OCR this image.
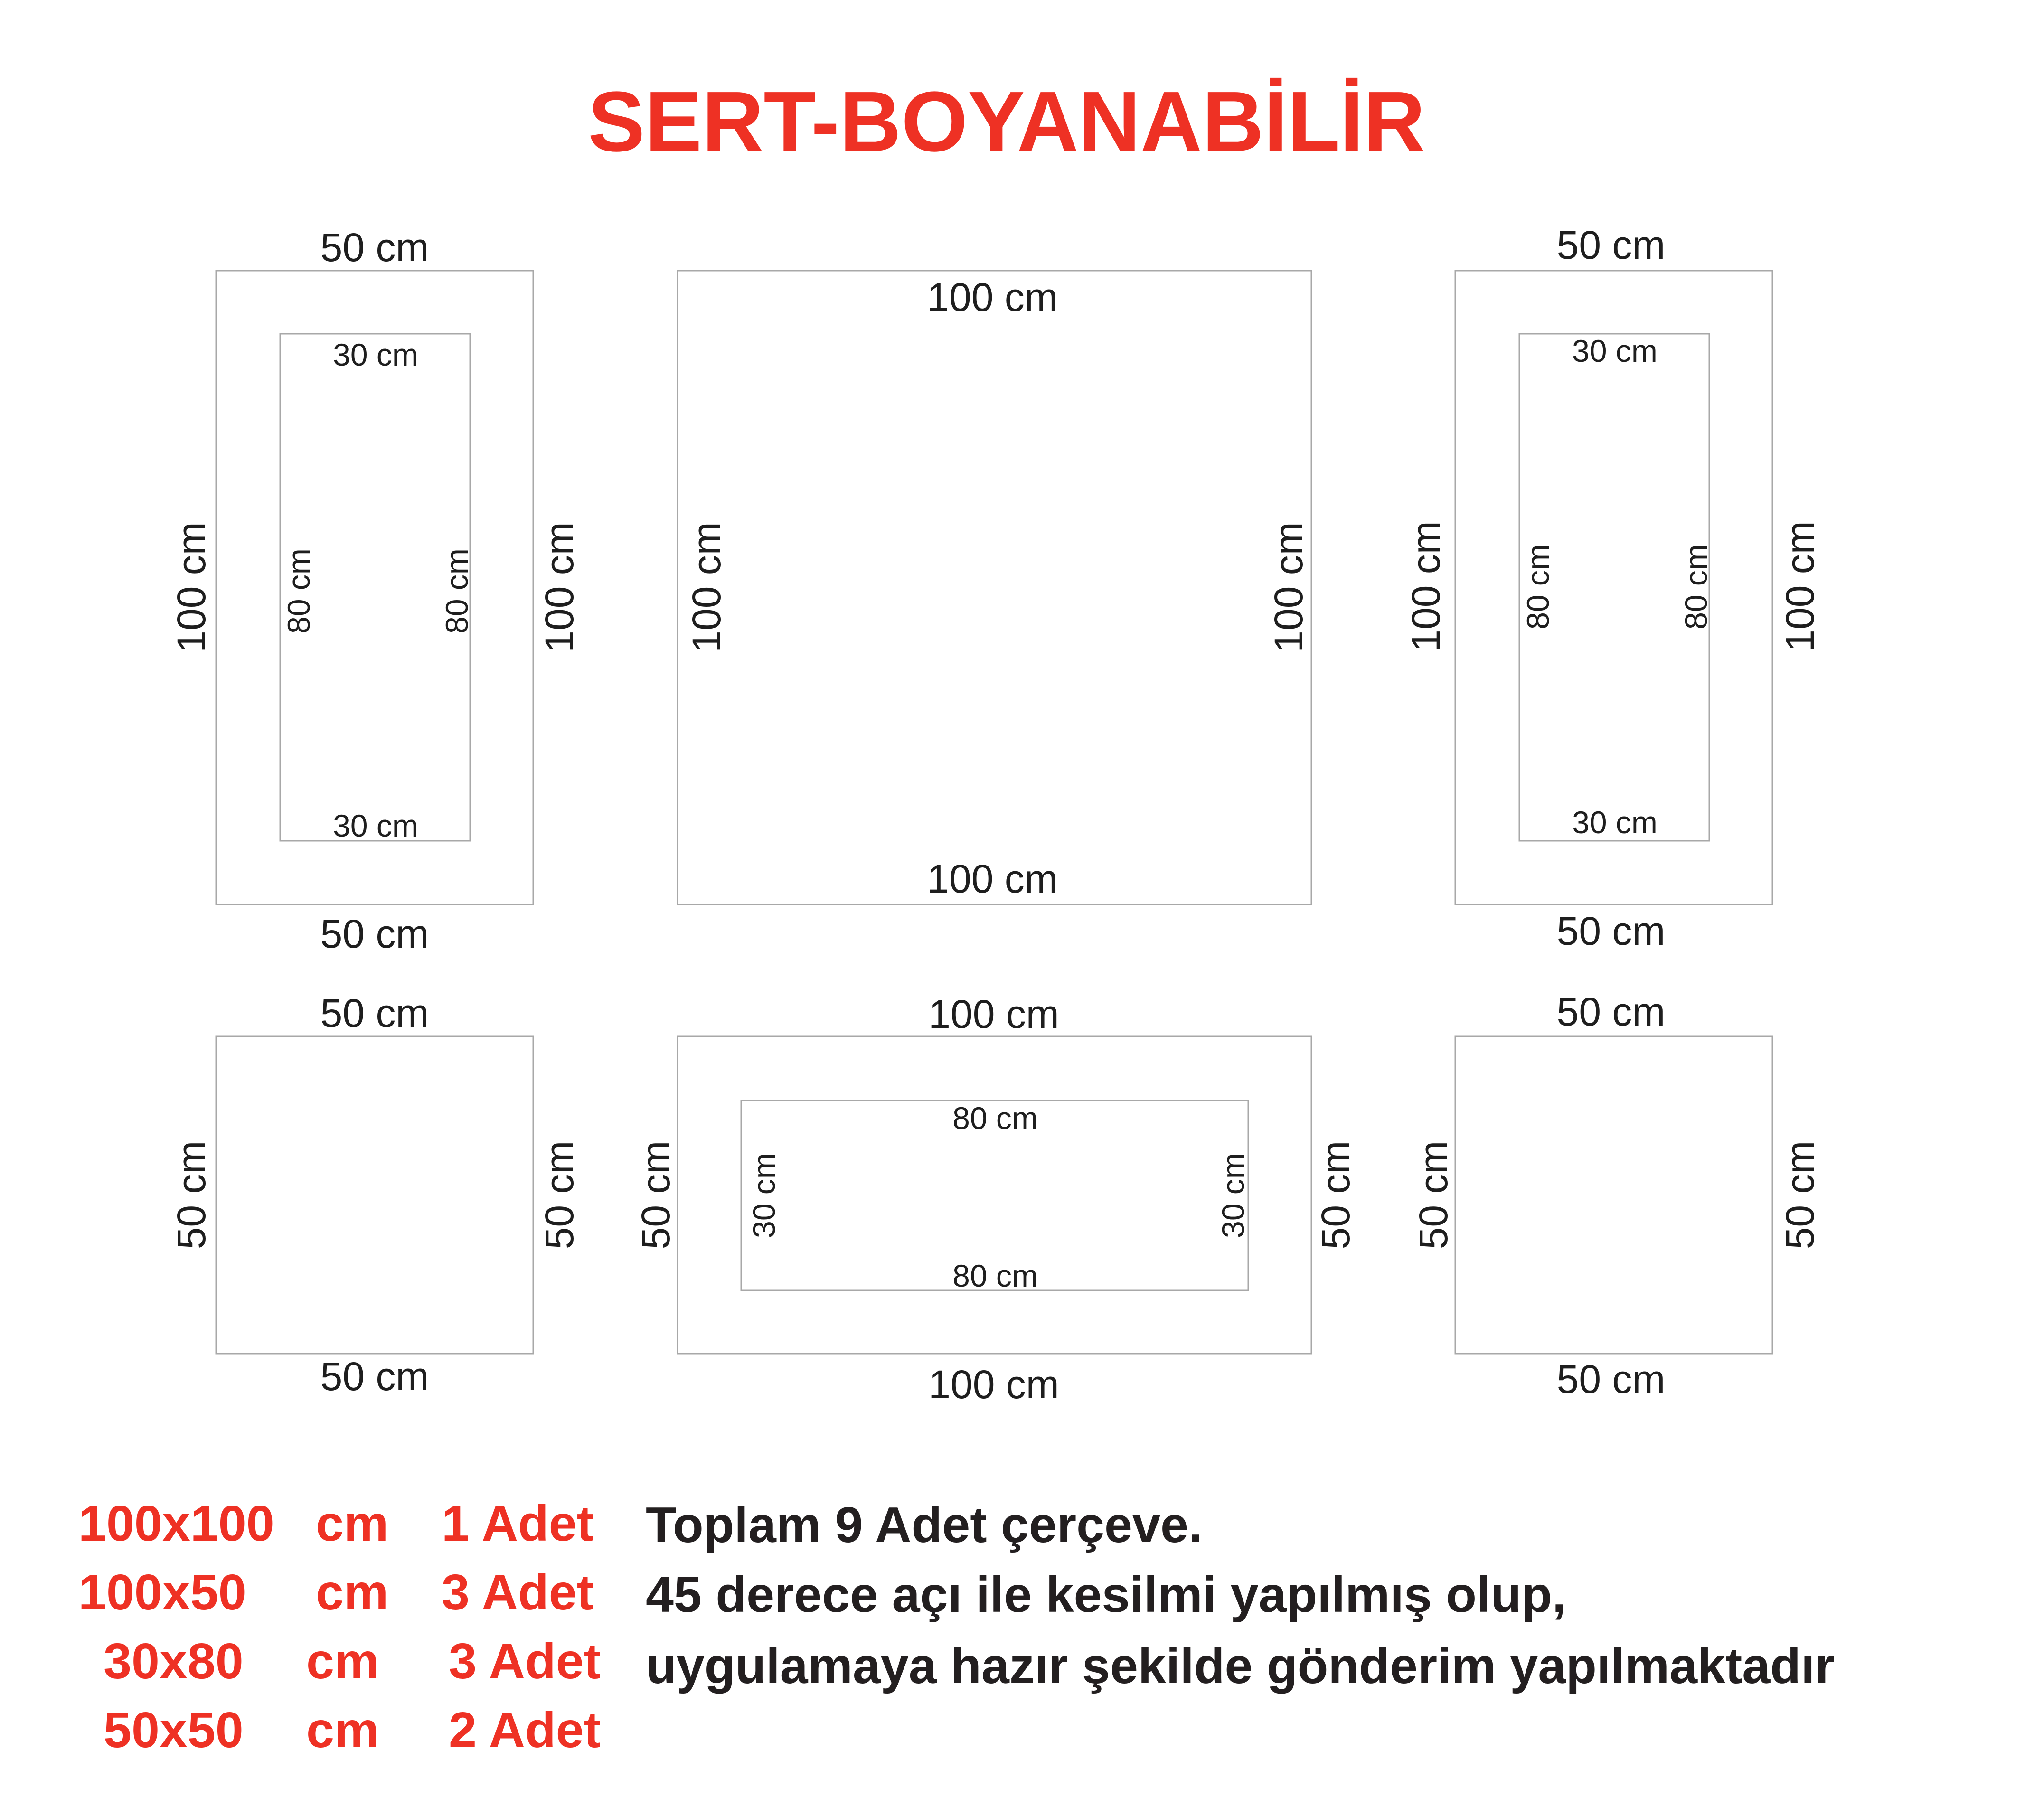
SERT-BOYANABİLİR
50 cm
50 cm
100 cm	100 cm
30 cm
30 cm
80 cm	80 cm
100 cm
100 cm
100 cm	100 cm
50 cm
50 cm
100 cm	100 cm
30 cm
30 cm
80 cm	80 cm
50 cm
50 cm
50 cm	50 cm
100 cm
100 cm
50 cm	50 cm
80 cm
80 cm
30 cm	30 cm
50 cm
50 cm
50 cm	50 cm
100x100 cm 1 Adet
100x50 cm 3 Adet
30x80 cm 3 Adet
50x50 cm 2 Adet
Toplam 9 Adet çerçeve.
45 derece açı ile kesilmi yapılmış olup,
uygulamaya hazır şekilde gönderim yapılmaktadır
